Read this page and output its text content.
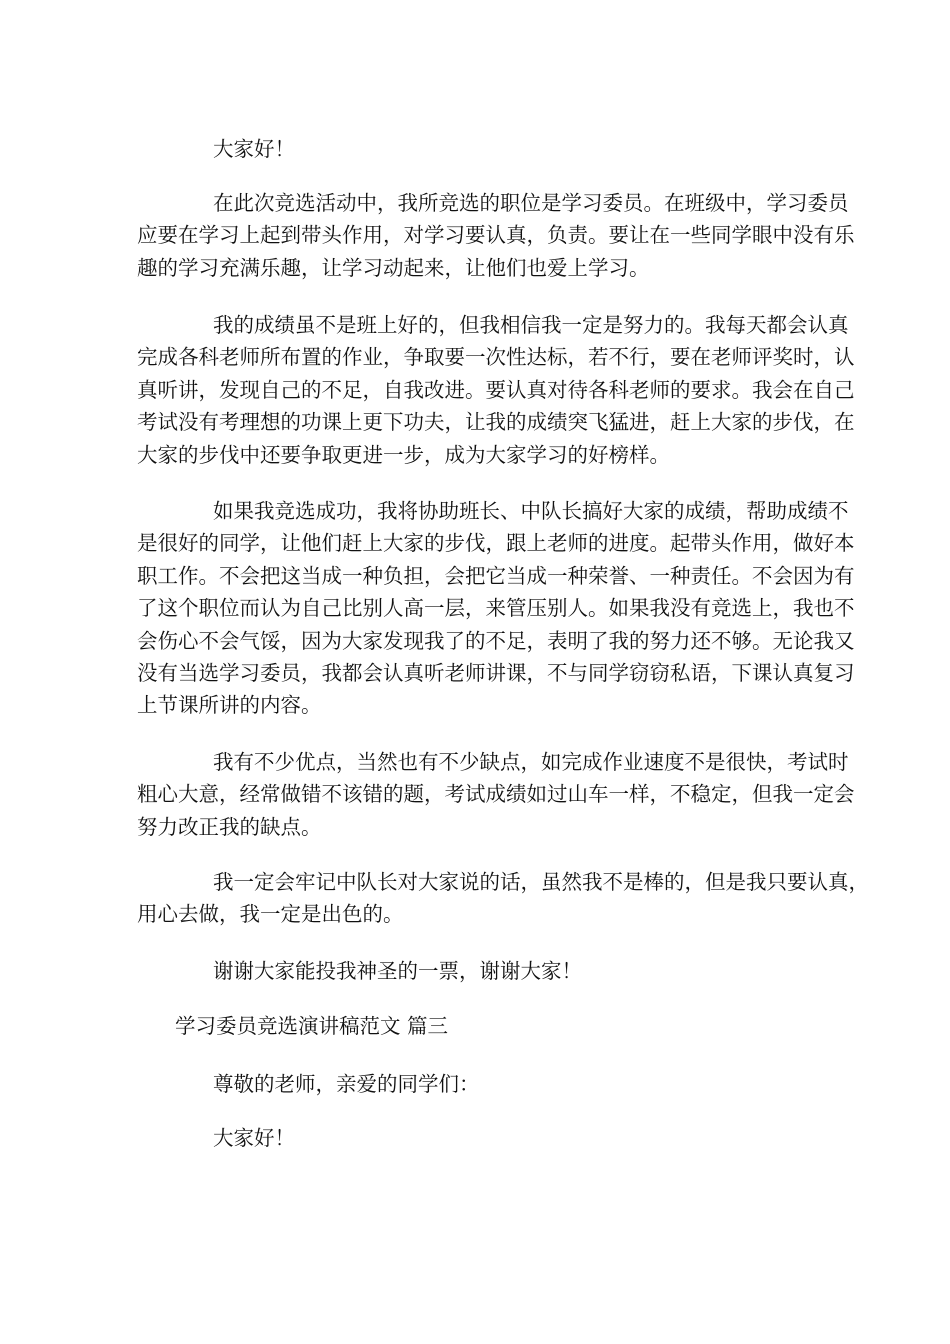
大家好！

在此次竞选活动中，我所竞选的职位是学习委员。在班级中，学习委员
应要在学习上起到带头作用，对学习要认真，负责。要让在一些同学眼中没有乐
趣的学习充满乐趣，让学习动起来，让他们也爱上学习。

我的成绩虽不是班上好的，但我相信我一定是努力的。我每天都会认真
完成各科老师所布置的作业，争取要一次性达标，若不行，要在老师评奖时，认
真听讲，发现自己的不足，自我改进。要认真对待各科老师的要求。我会在自己
考试没有考理想的功课上更下功夫，让我的成绩突飞猛进，赶上大家的步伐，在
大家的步伐中还要争取更进一步，成为大家学习的好榜样。

如果我竞选成功，我将协助班长、中队长搞好大家的成绩，帮助成绩不
是很好的同学，让他们赶上大家的步伐，跟上老师的进度。起带头作用，做好本
职工作。不会把这当成一种负担，会把它当成一种荣誉、一种责任。不会因为有
了这个职位而认为自己比别人高一层，来管压别人。如果我没有竞选上，我也不
会伤心不会气馁，因为大家发现我了的不足，表明了我的努力还不够。无论我又
没有当选学习委员，我都会认真听老师讲课，不与同学窃窃私语，下课认真复习
上节课所讲的内容。

我有不少优点，当然也有不少缺点，如完成作业速度不是很快，考试时
粗心大意，经常做错不该错的题，考试成绩如过山车一样，不稳定，但我一定会
努力改正我的缺点。

我一定会牢记中队长对大家说的话，虽然我不是棒的，但是我只要认真，
用心去做，我一定是出色的。

谢谢大家能投我神圣的一票，谢谢大家！

学习委员竞选演讲稿范文 篇三

尊敬的老师，亲爱的同学们：

大家好！
